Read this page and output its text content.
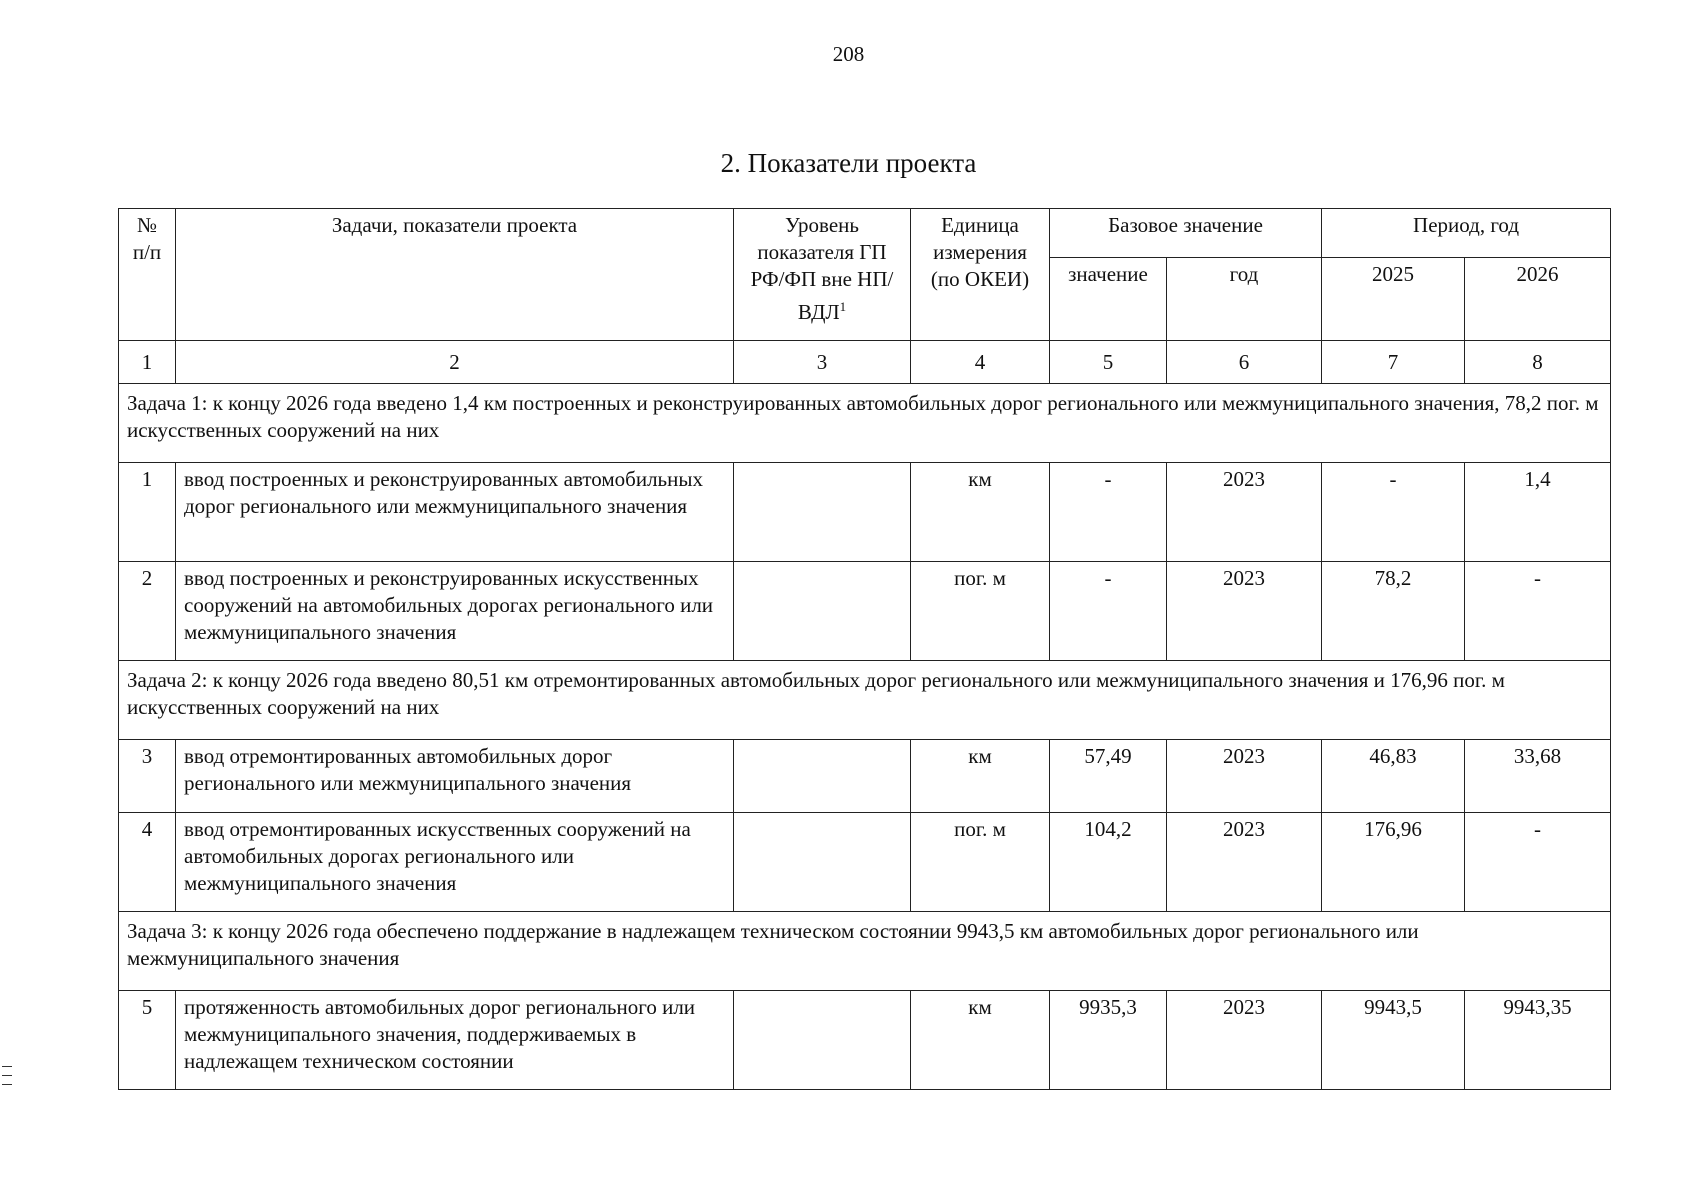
208
2. Показатели проекта
№ п/п	Задачи, показатели проекта	Уровень показателя ГП РФ/ФП вне НП/ВДЛ$^1$	Единица измерения (по ОКЕИ)	Базовое значение		Период, год	
				значение	год	2025	2026
1	2	3	4	5	6	7	8
Задача 1: к концу 2026 года введено 1,4 км построенных и реконструированных автомобильных дорог регионального или межмуниципального значения, 78,2 пог. м искусственных сооружений на них							
1	ввод построенных и реконструированных автомобильных дорог регионального или межмуниципального значения		км	-	2023	-	1,4
2	ввод построенных и реконструированных искусственных сооружений на автомобильных дорогах регионального или межмуниципального значения		пог. м	-	2023	78,2	-
Задача 2: к концу 2026 года введено 80,51 км отремонтированных автомобильных дорог регионального или межмуниципального значения и 176,96 пог. м искусственных сооружений на них							
3	ввод отремонтированных автомобильных дорог регионального или межмуниципального значения		км	57,49	2023	46,83	33,68
4	ввод отремонтированных искусственных сооружений на автомобильных дорогах регионального или межмуниципального значения		пог. м	104,2	2023	176,96	-
Задача 3: к концу 2026 года обеспечено поддержание в надлежащем техническом состоянии 9943,5 км автомобильных дорог регионального или межмуниципального значения							
5	протяженность автомобильных дорог регионального или межмуниципального значения, поддерживаемых в надлежащем техническом состоянии		км	9935,3	2023	9943,5	9943,35
